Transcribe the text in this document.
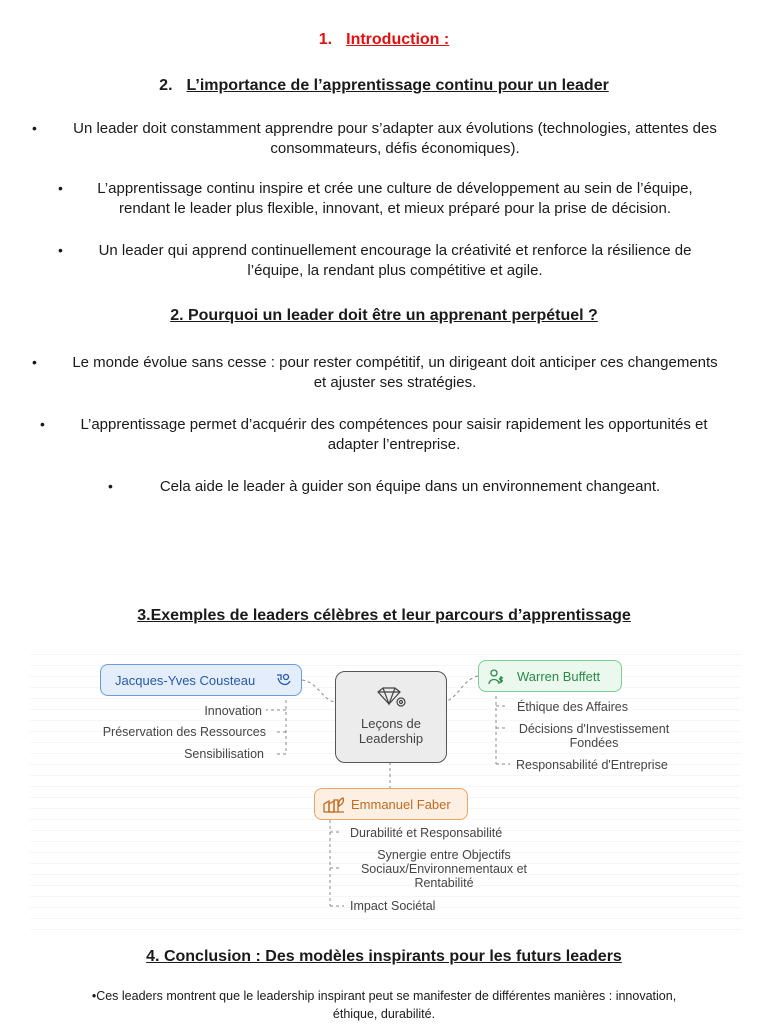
1. Introduction :
2. L’importance de l’apprentissage continu pour un leader
•	Un leader doit constamment apprendre pour s’adapter aux évolutions (technologies, attentes des
consommateurs, défis économiques).
•	L’apprentissage continu inspire et crée une culture de développement au sein de l’équipe,
rendant le leader plus flexible, innovant, et mieux préparé pour la prise de décision.
•	Un leader qui apprend continuellement encourage la créativité et renforce la résilience de
l’équipe, la rendant plus compétitive et agile.
2. Pourquoi un leader doit être un apprenant perpétuel ?
•	Le monde évolue sans cesse : pour rester compétitif, un dirigeant doit anticiper ces changements
et ajuster ses stratégies.
•	L’apprentissage permet d’acquérir des compétences pour saisir rapidement les opportunités et
adapter l’entreprise.
•	Cela aide le leader à guider son équipe dans un environnement changeant.
3.Exemples de leaders célèbres et leur parcours d’apprentissage
Jacques-Yves Cousteau
Innovation
Préservation des Ressources
Sensibilisation
Leçons de
Leadership
Warren Buffett
Éthique des Affaires
Décisions d'Investissement
Fondées
Responsabilité d'Entreprise
Emmanuel Faber
Durabilité et Responsabilité
Synergie entre Objectifs
Sociaux/Environnementaux et
Rentabilité
Impact Sociétal
4. Conclusion : Des modèles inspirants pour les futurs leaders
•Ces leaders montrent que le leadership inspirant peut se manifester de différentes manières : innovation,
éthique, durabilité.
